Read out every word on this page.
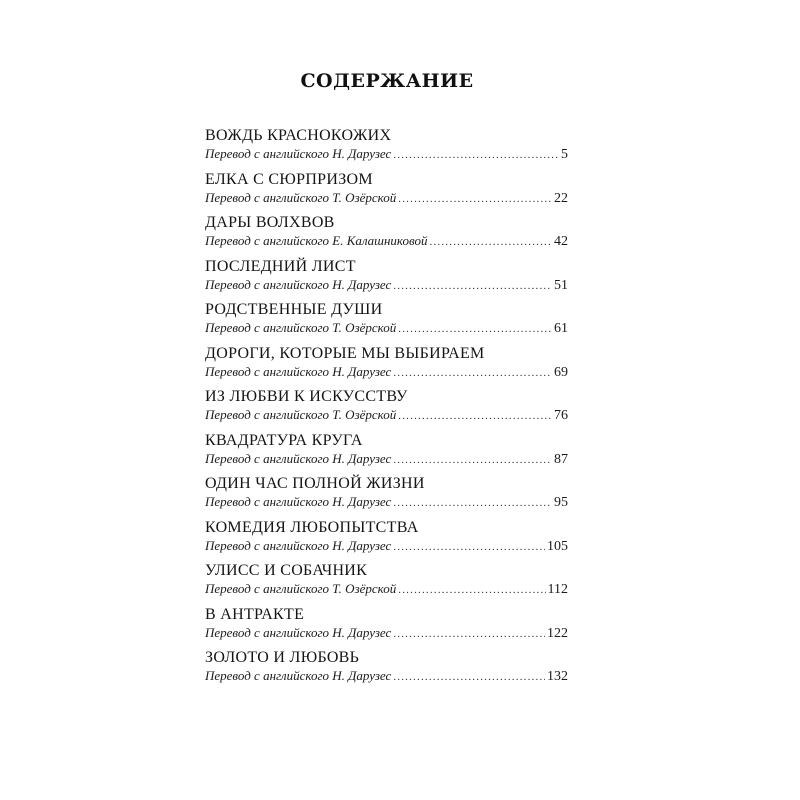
СОДЕРЖАНИЕ
ВОЖДЬ КРАСНОКОЖИХ
Перевод с английского Н. Дарузес .....	5
ЕЛКА С СЮРПРИЗОМ
Перевод с английского Т. Озёрской .....	22
ДАРЫ ВОЛХВОВ
Перевод с английского Е. Калашниковой .....	42
ПОСЛЕДНИЙ ЛИСТ
Перевод с английского Н. Дарузес .....	51
РОДСТВЕННЫЕ ДУШИ
Перевод с английского Т. Озёрской .....	61
ДОРОГИ, КОТОРЫЕ МЫ ВЫБИРАЕМ
Перевод с английского Н. Дарузес .....	69
ИЗ ЛЮБВИ К ИСКУССТВУ
Перевод с английского Т. Озёрской .....	76
КВАДРАТУРА КРУГА
Перевод с английского Н. Дарузес .....	87
ОДИН ЧАС ПОЛНОЙ ЖИЗНИ
Перевод с английского Н. Дарузес .....	95
КОМЕДИЯ ЛЮБОПЫТСТВА
Перевод с английского Н. Дарузес .....	105
УЛИСС И СОБАЧНИК
Перевод с английского Т. Озёрской .....	112
В АНТРАКТЕ
Перевод с английского Н. Дарузес .....	122
ЗОЛОТО И ЛЮБОВЬ
Перевод с английского Н. Дарузес .....	132
